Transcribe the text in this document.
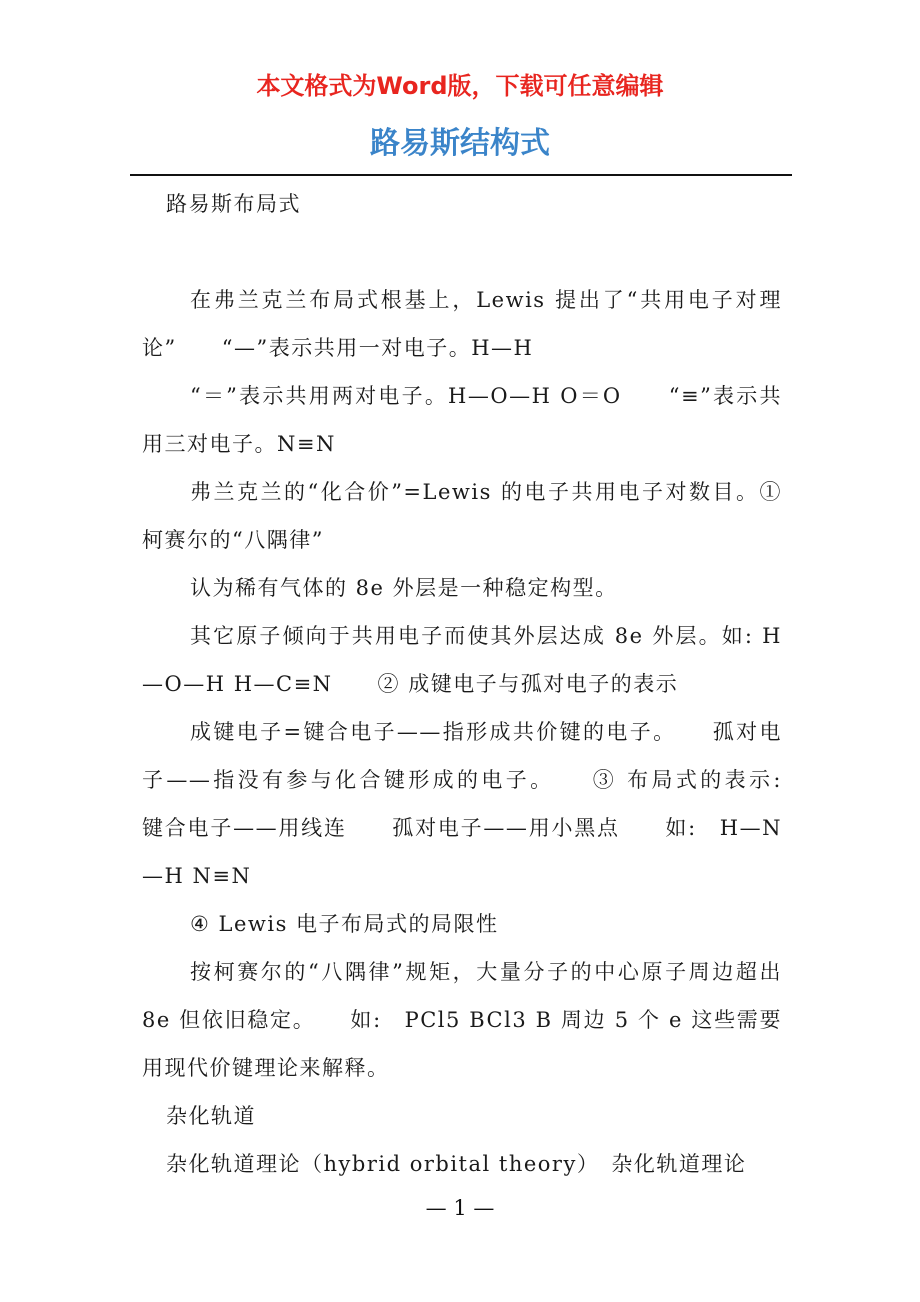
本文格式为Word版，下载可任意编辑
路易斯结构式

路易斯布局式

在弗兰克兰布局式根基上，Lewis 提出了“共用电子对理论”　　“—”表示共用一对电子。H—H

“＝”表示共用两对电子。H—O—H O＝O　　“≡”表示共用三对电子。N≡N

弗兰克兰的“化合价”=Lewis 的电子共用电子对数目。① 柯赛尔的“八隅律”

认为稀有气体的 8e 外层是一种稳定构型。

其它原子倾向于共用电子而使其外层达成 8e 外层。如: H—O—H H—C≡N　　② 成键电子与孤对电子的表示

成键电子=键合电子——指形成共价键的电子。　　孤对电子——指没有参与化合键形成的电子。　　③ 布局式的表示:　　键合电子——用线连　　孤对电子——用小黑点　　如:　H—N—H N≡N

④ Lewis 电子布局式的局限性

按柯赛尔的“八隅律”规矩，大量分子的中心原子周边超出 8e 但依旧稳定。　　如:　PCl5 BCl3 B 周边 5 个 e 这些需要用现代价键理论来解释。

杂化轨道

杂化轨道理论（hybrid orbital theory）　杂化轨道理论

— 1 —
